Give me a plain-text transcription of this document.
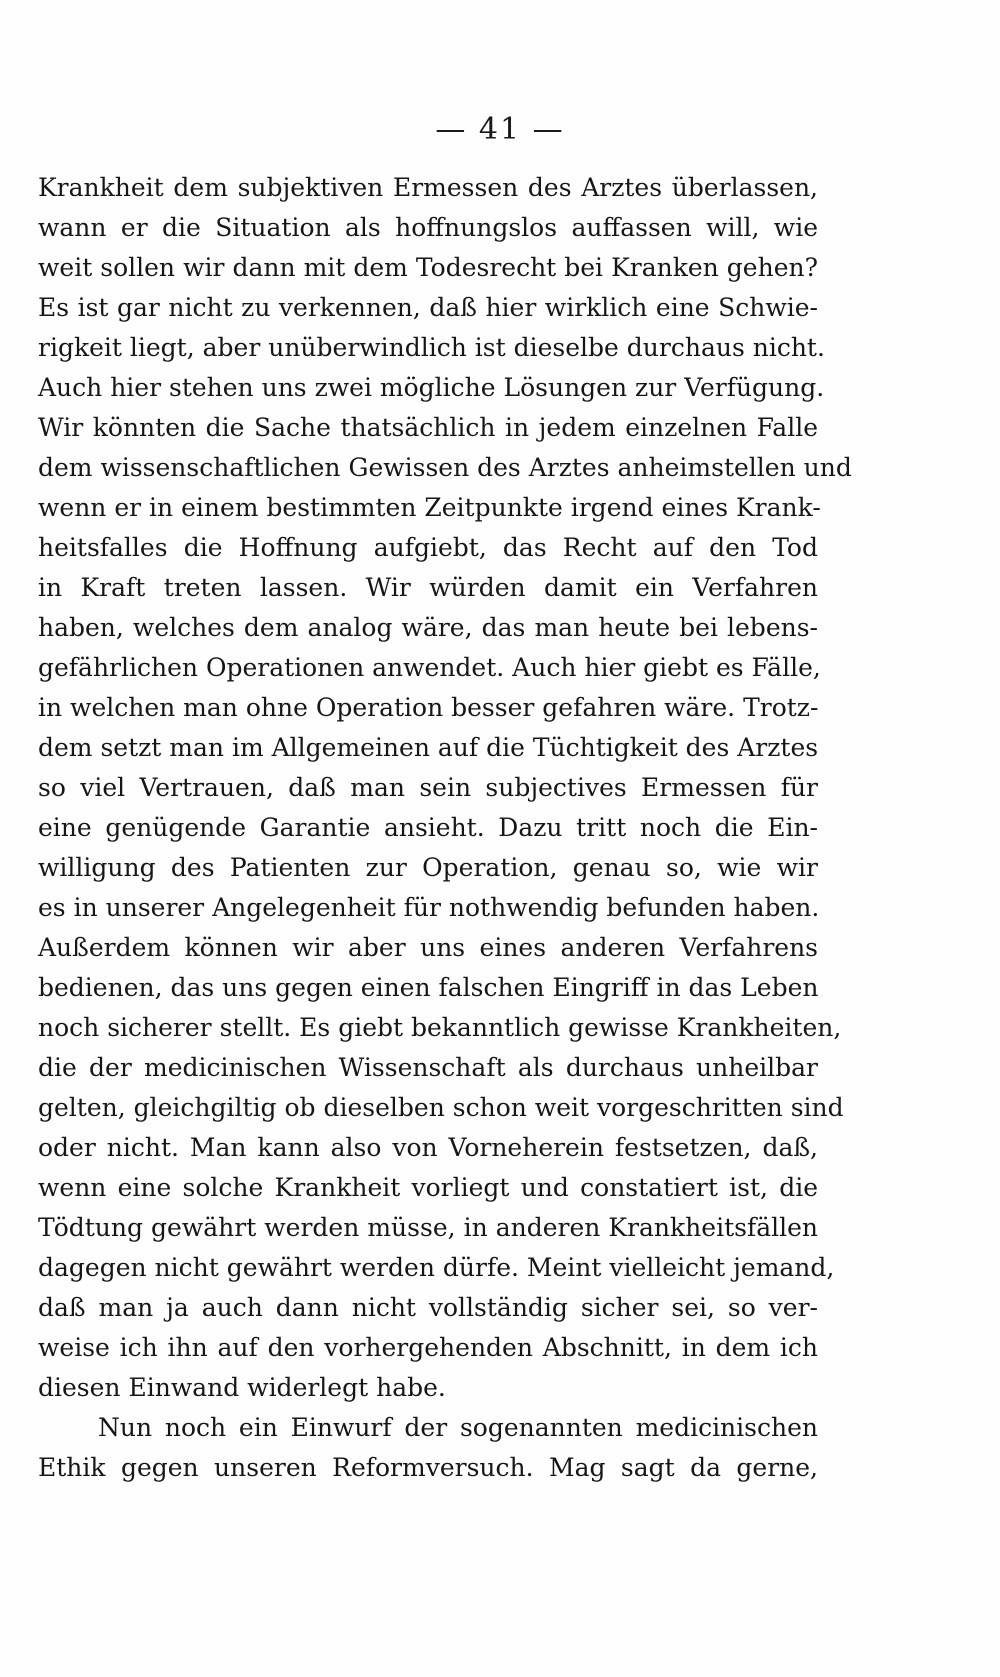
— 41 —
Krankheit dem subjektiven Ermessen des Arztes überlassen,
wann er die Situation als hoffnungslos auffassen will, wie
weit sollen wir dann mit dem Todesrecht bei Kranken gehen?
Es ist gar nicht zu verkennen, daß hier wirklich eine Schwie-
rigkeit liegt, aber unüberwindlich ist dieselbe durchaus nicht.
Auch hier stehen uns zwei mögliche Lösungen zur Verfügung.
Wir könnten die Sache thatsächlich in jedem einzelnen Falle
dem wissenschaftlichen Gewissen des Arztes anheimstellen und
wenn er in einem bestimmten Zeitpunkte irgend eines Krank-
heitsfalles die Hoffnung aufgiebt, das Recht auf den Tod
in Kraft treten lassen. Wir würden damit ein Verfahren
haben, welches dem analog wäre, das man heute bei lebens-
gefährlichen Operationen anwendet. Auch hier giebt es Fälle,
in welchen man ohne Operation besser gefahren wäre. Trotz-
dem setzt man im Allgemeinen auf die Tüchtigkeit des Arztes
so viel Vertrauen, daß man sein subjectives Ermessen für
eine genügende Garantie ansieht. Dazu tritt noch die Ein-
willigung des Patienten zur Operation, genau so, wie wir
es in unserer Angelegenheit für nothwendig befunden haben.
Außerdem können wir aber uns eines anderen Verfahrens
bedienen, das uns gegen einen falschen Eingriff in das Leben
noch sicherer stellt. Es giebt bekanntlich gewisse Krankheiten,
die der medicinischen Wissenschaft als durchaus unheilbar
gelten, gleichgiltig ob dieselben schon weit vorgeschritten sind
oder nicht. Man kann also von Vorneherein festsetzen, daß,
wenn eine solche Krankheit vorliegt und constatiert ist, die
Tödtung gewährt werden müsse, in anderen Krankheitsfällen
dagegen nicht gewährt werden dürfe. Meint vielleicht jemand,
daß man ja auch dann nicht vollständig sicher sei, so ver-
weise ich ihn auf den vorhergehenden Abschnitt, in dem ich
diesen Einwand widerlegt habe.
Nun noch ein Einwurf der sogenannten medicinischen
Ethik gegen unseren Reformversuch. Mag sagt da gerne,
